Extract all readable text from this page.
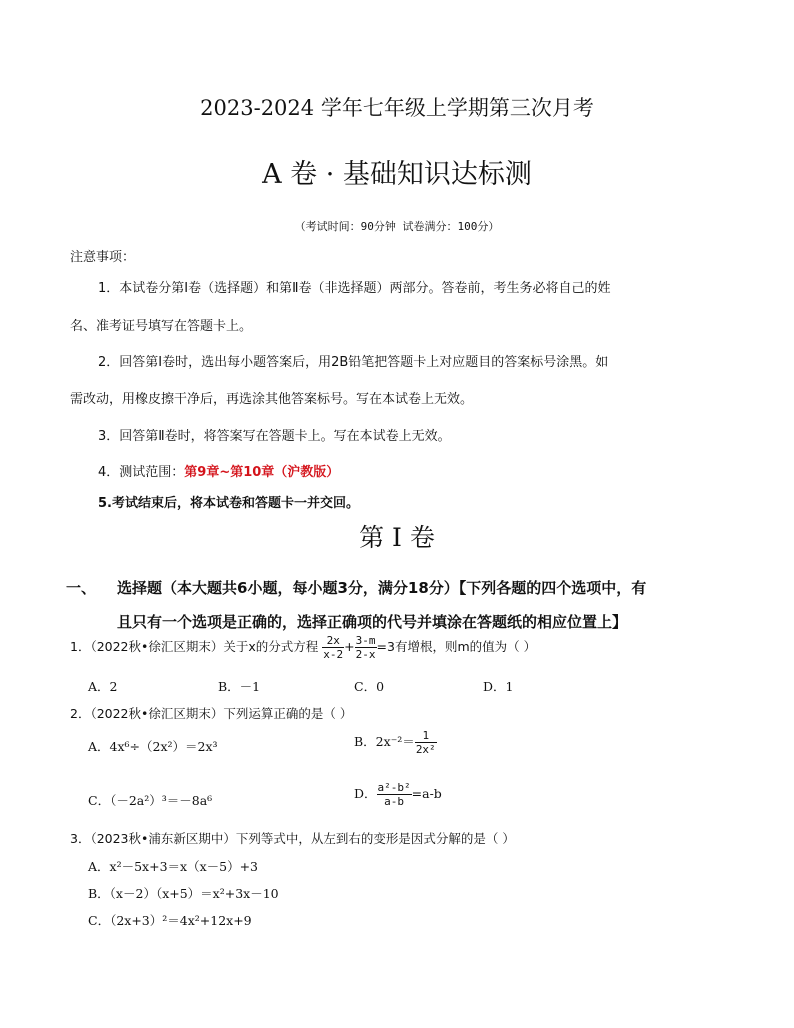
2023-2024 学年七年级上学期第三次月考
A 卷 · 基础知识达标测
（考试时间：90分钟 试卷满分：100分）
注意事项：
1．本试卷分第Ⅰ卷（选择题）和第Ⅱ卷（非选择题）两部分。答卷前，考生务必将自己的姓
名、准考证号填写在答题卡上。
2．回答第Ⅰ卷时，选出每小题答案后，用2B铅笔把答题卡上对应题目的答案标号涂黑。如
需改动，用橡皮擦干净后，再选涂其他答案标号。写在本试卷上无效。
3．回答第Ⅱ卷时，将答案写在答题卡上。写在本试卷上无效。
4．测试范围：第9章~第10章（沪教版）
5.考试结束后，将本试卷和答题卡一并交回。
第 I 卷
一、 选择题（本大题共6小题，每小题3分，满分18分）【下列各题的四个选项中，有
且只有一个选项是正确的，选择正确项的代号并填涂在答题纸的相应位置上】
1．（2022秋•徐汇区期末）关于x的分式方程 $\frac{2x}{x-2} + \frac{3-m}{2-x} =3$有增根，则m的值为（ ）
A．2	B．－1	C．0	D．1
2．（2022秋•徐汇区期末）下列运算正确的是（ ）
A．4x⁶÷（2x²）＝2x³	B．$2x^{-2}= \frac{1}{\text{2x²}}$
C．（－2a²）³＝－8a⁶	D． $\frac{\text{a²-b²}}{a-b} =a-b$
3．（2023秋•浦东新区期中）下列等式中，从左到右的变形是因式分解的是（ ）
A．x²－5x+3＝x（x－5）+3
B．（x－2）（x+5）＝x²+3x－10
C．（2x+3）²＝4x²+12x+9
